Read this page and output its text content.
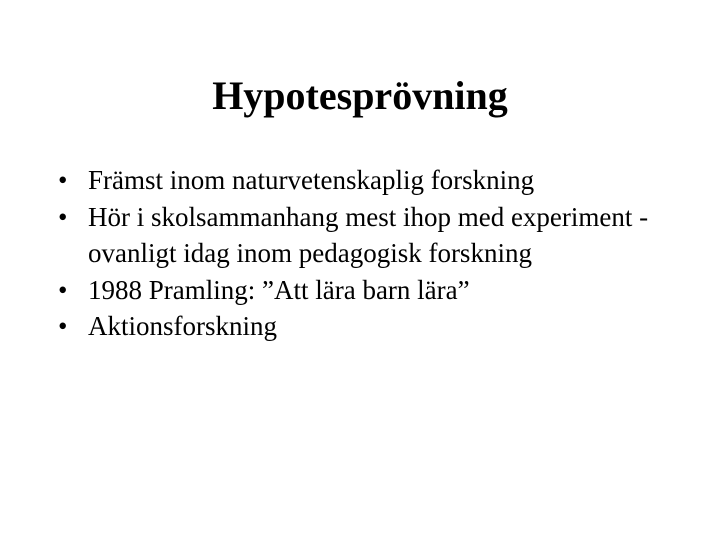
Hypotesprövning
• Främst inom naturvetenskaplig forskning
• Hör i skolsammanhang mest ihop med experiment - ovanligt idag inom pedagogisk forskning
• 1988 Pramling: ”Att lära barn lära”
• Aktionsforskning
